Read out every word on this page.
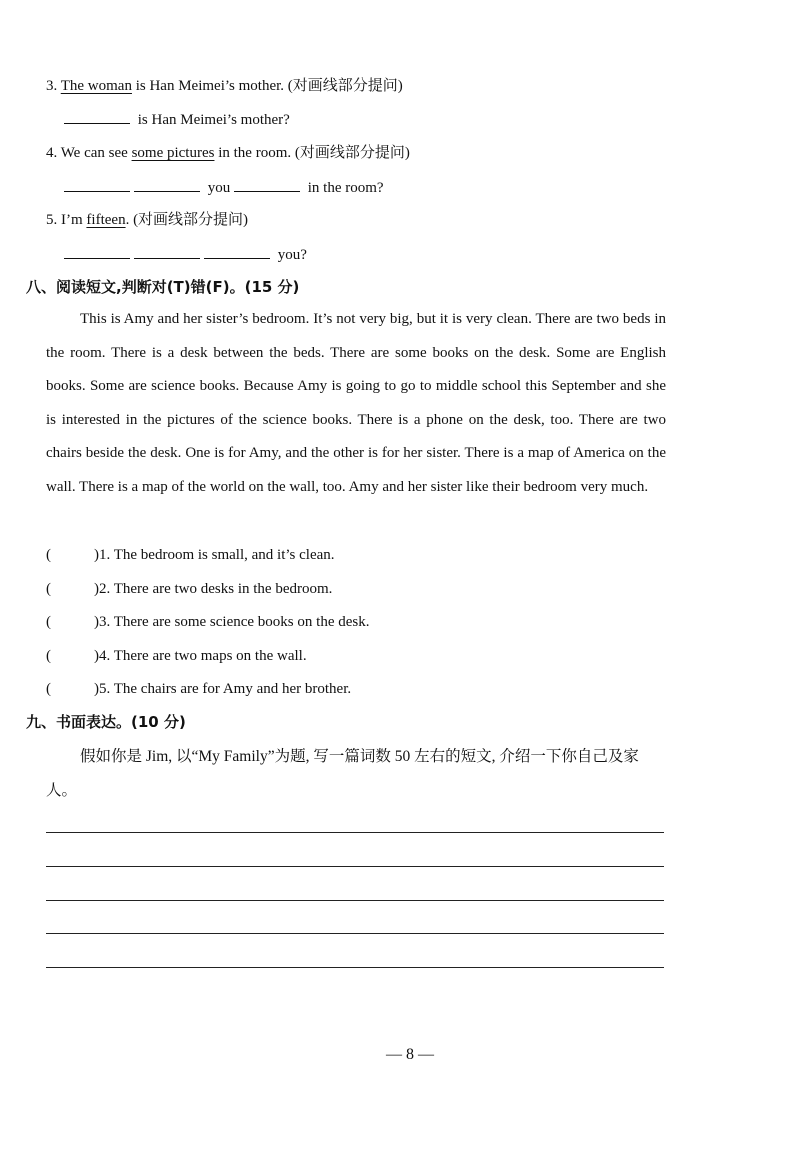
3. The woman is Han Meimei’s mother. (对画线部分提问)
is Han Meimei’s mother?
4. We can see some pictures in the room. (对画线部分提问)
you	in the room?
5. I’m fifteen. (对画线部分提问)
you?
八、阅读短文,判断对(T)错(F)。(15 分)

This is Amy and her sister’s bedroom. It’s not very big, but it is very clean. There are two beds in the room. There is a desk between the beds. There are some books on the desk. Some are English books. Some are science books. Because Amy is going to go to middle school this September and she is interested in the pictures of the science books. There is a phone on the desk, too. There are two chairs beside the desk. One is for Amy, and the other is for her sister. There is a map of America on the wall. There is a map of the world on the wall, too. Amy and her sister like their bedroom very much.

(	)1. The bedroom is small, and it’s clean.
(	)2. There are two desks in the bedroom.
(	)3. There are some science books on the desk.
(	)4. There are two maps on the wall.
(	)5. The chairs are for Amy and her brother.
九、书面表达。(10 分)

假如你是 Jim, 以“My Family”为题, 写一篇词数 50 左右的短文, 介绍一下你自己及家人。

— 8 —
